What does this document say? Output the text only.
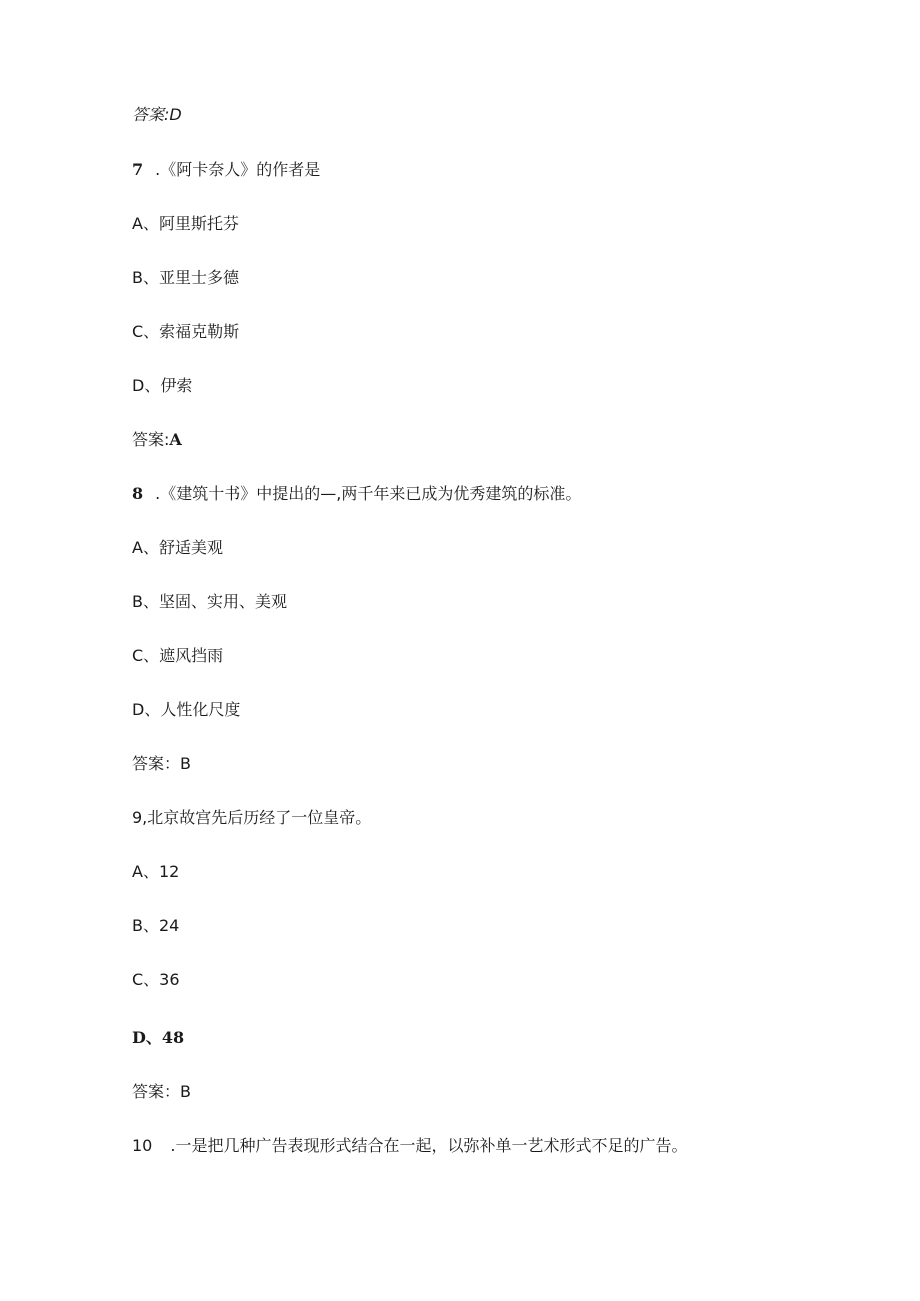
答案:D
7 .《阿卡奈人》的作者是
A、阿里斯托芬
B、亚里士多德
C、索福克勒斯
D、伊索
答案:A
8 .《建筑十书》中提出的—,两千年来已成为优秀建筑的标准。
A、舒适美观
B、坚固、实用、美观
C、遮风挡雨
D、人性化尺度
答案：B
9,北京故宫先后历经了一位皇帝。
A、12
B、24
C、36
D、48
答案：B
10 .一是把几种广告表现形式结合在一起，以弥补单一艺术形式不足的广告。
